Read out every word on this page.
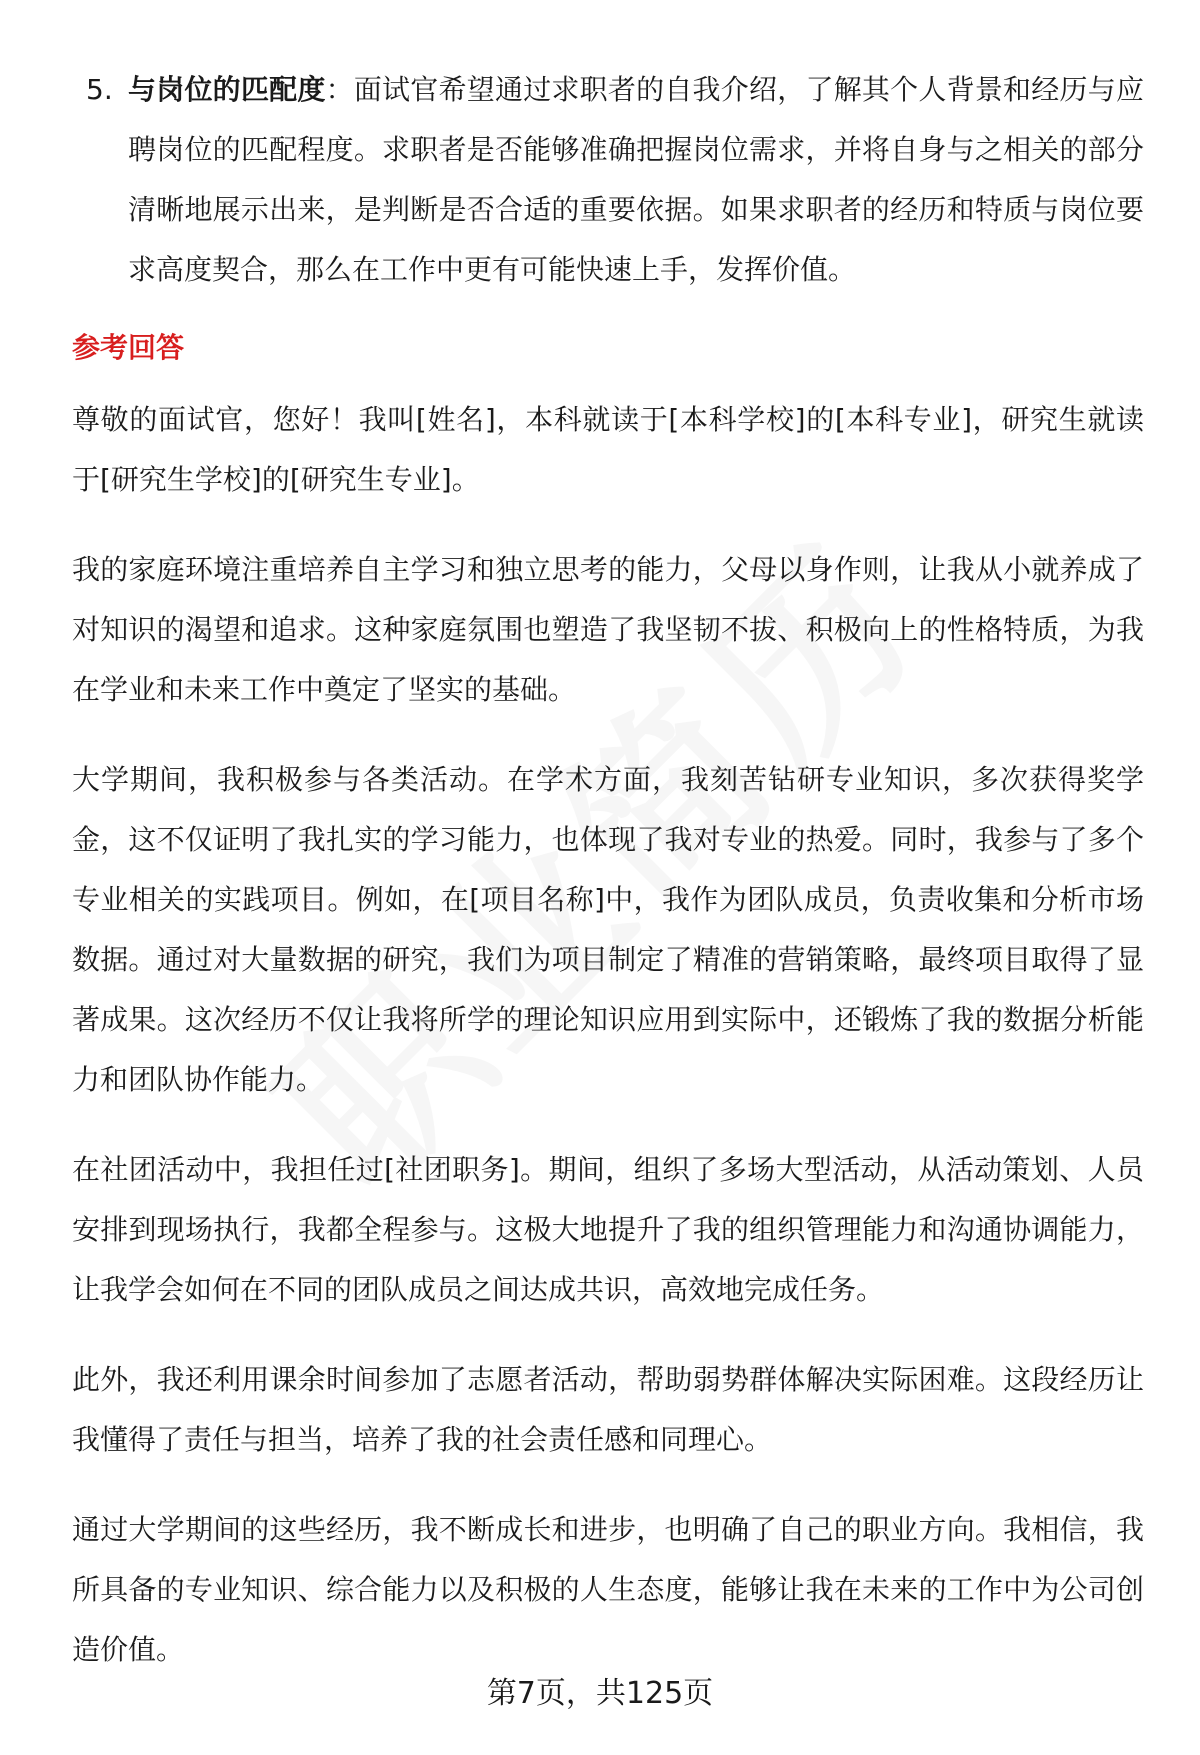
5. 与岗位的匹配度：面试官希望通过求职者的自我介绍，了解其个人背景和经历与应聘岗位的匹配程度。求职者是否能够准确把握岗位需求，并将自身与之相关的部分清晰地展示出来，是判断是否合适的重要依据。如果求职者的经历和特质与岗位要求高度契合，那么在工作中更有可能快速上手，发挥价值。
参考回答

尊敬的面试官，您好！我叫[姓名]，本科就读于[本科学校]的[本科专业]，研究生就读于[研究生学校]的[研究生专业]。

我的家庭环境注重培养自主学习和独立思考的能力，父母以身作则，让我从小就养成了对知识的渴望和追求。这种家庭氛围也塑造了我坚韧不拔、积极向上的性格特质，为我在学业和未来工作中奠定了坚实的基础。

大学期间，我积极参与各类活动。在学术方面，我刻苦钻研专业知识，多次获得奖学金，这不仅证明了我扎实的学习能力，也体现了我对专业的热爱。同时，我参与了多个专业相关的实践项目。例如，在[项目名称]中，我作为团队成员，负责收集和分析市场数据。通过对大量数据的研究，我们为项目制定了精准的营销策略，最终项目取得了显著成果。这次经历不仅让我将所学的理论知识应用到实际中，还锻炼了我的数据分析能力和团队协作能力。

在社团活动中，我担任过[社团职务]。期间，组织了多场大型活动，从活动策划、人员安排到现场执行，我都全程参与。这极大地提升了我的组织管理能力和沟通协调能力，让我学会如何在不同的团队成员之间达成共识，高效地完成任务。

此外，我还利用课余时间参加了志愿者活动，帮助弱势群体解决实际困难。这段经历让我懂得了责任与担当，培养了我的社会责任感和同理心。

通过大学期间的这些经历，我不断成长和进步，也明确了自己的职业方向。我相信，我所具备的专业知识、综合能力以及积极的人生态度，能够让我在未来的工作中为公司创造价值。

第7页，共125页
